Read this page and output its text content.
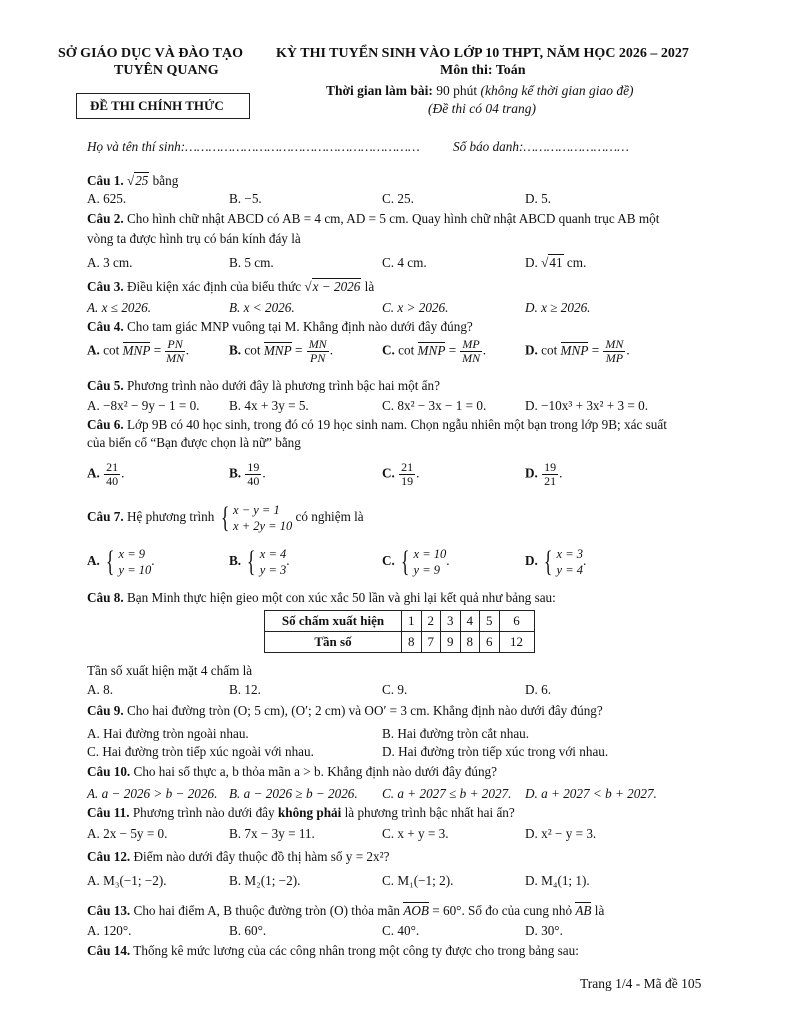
SỞ GIÁO DỤC VÀ ĐÀO TẠO
TUYÊN QUANG
ĐỀ THI CHÍNH THỨC
KỲ THI TUYỂN SINH VÀO LỚP 10 THPT, NĂM HỌC 2026 – 2027
Môn thi: Toán
Thời gian làm bài: 90 phút (không kể thời gian giao đề)
(Đề thi có 04 trang)
Họ và tên thí sinh:……………………………………………………	Số báo danh:………………………
Câu 1. √25 bằng
A. 625.	B. −5.	C. 25.	D. 5.
Câu 2. Cho hình chữ nhật ABCD có AB = 4 cm, AD = 5 cm. Quay hình chữ nhật ABCD quanh trục AB một
vòng ta được hình trụ có bán kính đáy là
A. 3 cm.	B. 5 cm.	C. 4 cm.	D. √41 cm.
Câu 3. Điều kiện xác định của biểu thức √x − 2026 là
A. x ≤ 2026.	B. x < 2026.	C. x > 2026.	D. x ≥ 2026.
Câu 4. Cho tam giác MNP vuông tại M. Khẳng định nào dưới đây đúng?
A. cot MNP = $\frac{PN}{MN}$ .	B. cot MNP = $\frac{MN}{PN}$ .	C. cot MNP = $\frac{MP}{MN}$ .	D. cot MNP = $\frac{MN}{MP}$ .
Câu 5. Phương trình nào dưới đây là phương trình bậc hai một ẩn?
A. −8x² − 9y − 1 = 0. B. 4x + 3y = 5.	C. 8x² − 3x − 1 = 0.	D. −10x³ + 3x² + 3 = 0.
Câu 6. Lớp 9B có 40 học sinh, trong đó có 19 học sinh nam. Chọn ngẫu nhiên một bạn trong lớp 9B; xác suất
của biến cố “Bạn được chọn là nữ” bằng
A. $\frac{21}{40}$ .	B. $\frac{19}{40}$ .	C. $\frac{21}{19}$ .	D. $\frac{19}{21}$ .
Câu 7. Hệ phương trình { x − y = 1
x + 2y = 10
có nghiệm là
A. { x = 9
y = 10
.	B. { x = 4
y = 3
.	C. { x = 10
y = 9
.	D. { x = 3
y = 4
.
Câu 8. Bạn Minh thực hiện gieo một con xúc xắc 50 lần và ghi lại kết quả như bảng sau:
Số chấm xuất hiện	1	2	3	4	5	6
Tần số	8	7	9	8	6	12
Tần số xuất hiện mặt 4 chấm là
A. 8.	B. 12.	C. 9.	D. 6.
Câu 9. Cho hai đường tròn (O; 5 cm), (O′; 2 cm) và OO′ = 3 cm. Khẳng định nào dưới đây đúng?
A. Hai đường tròn ngoài nhau.	B. Hai đường tròn cắt nhau.
C. Hai đường tròn tiếp xúc ngoài với nhau.	D. Hai đường tròn tiếp xúc trong với nhau.
Câu 10. Cho hai số thực a, b thỏa mãn a > b. Khẳng định nào dưới đây đúng?
A. a − 2026 > b − 2026. B. a − 2026 ≥ b − 2026. C. a + 2027 ≤ b + 2027. D. a + 2027 < b + 2027.
Câu 11. Phương trình nào dưới đây không phải là phương trình bậc nhất hai ẩn?
A. 2x − 5y = 0.	B. 7x − 3y = 11.	C. x + y = 3.	D. x² − y = 3.
Câu 12. Điểm nào dưới đây thuộc đồ thị hàm số y = 2x²?
A. M₃(−1; −2).	B. M₂(1; −2).	C. M₁(−1; 2).	D. M₄(1; 1).
Câu 13. Cho hai điểm A, B thuộc đường tròn (O) thỏa mãn AOB = 60°. Số đo của cung nhỏ AB là
A. 120°.	B. 60°.	C. 40°.	D. 30°.
Câu 14. Thống kê mức lương của các công nhân trong một công ty được cho trong bảng sau:
Trang 1/4 - Mã đề 105
